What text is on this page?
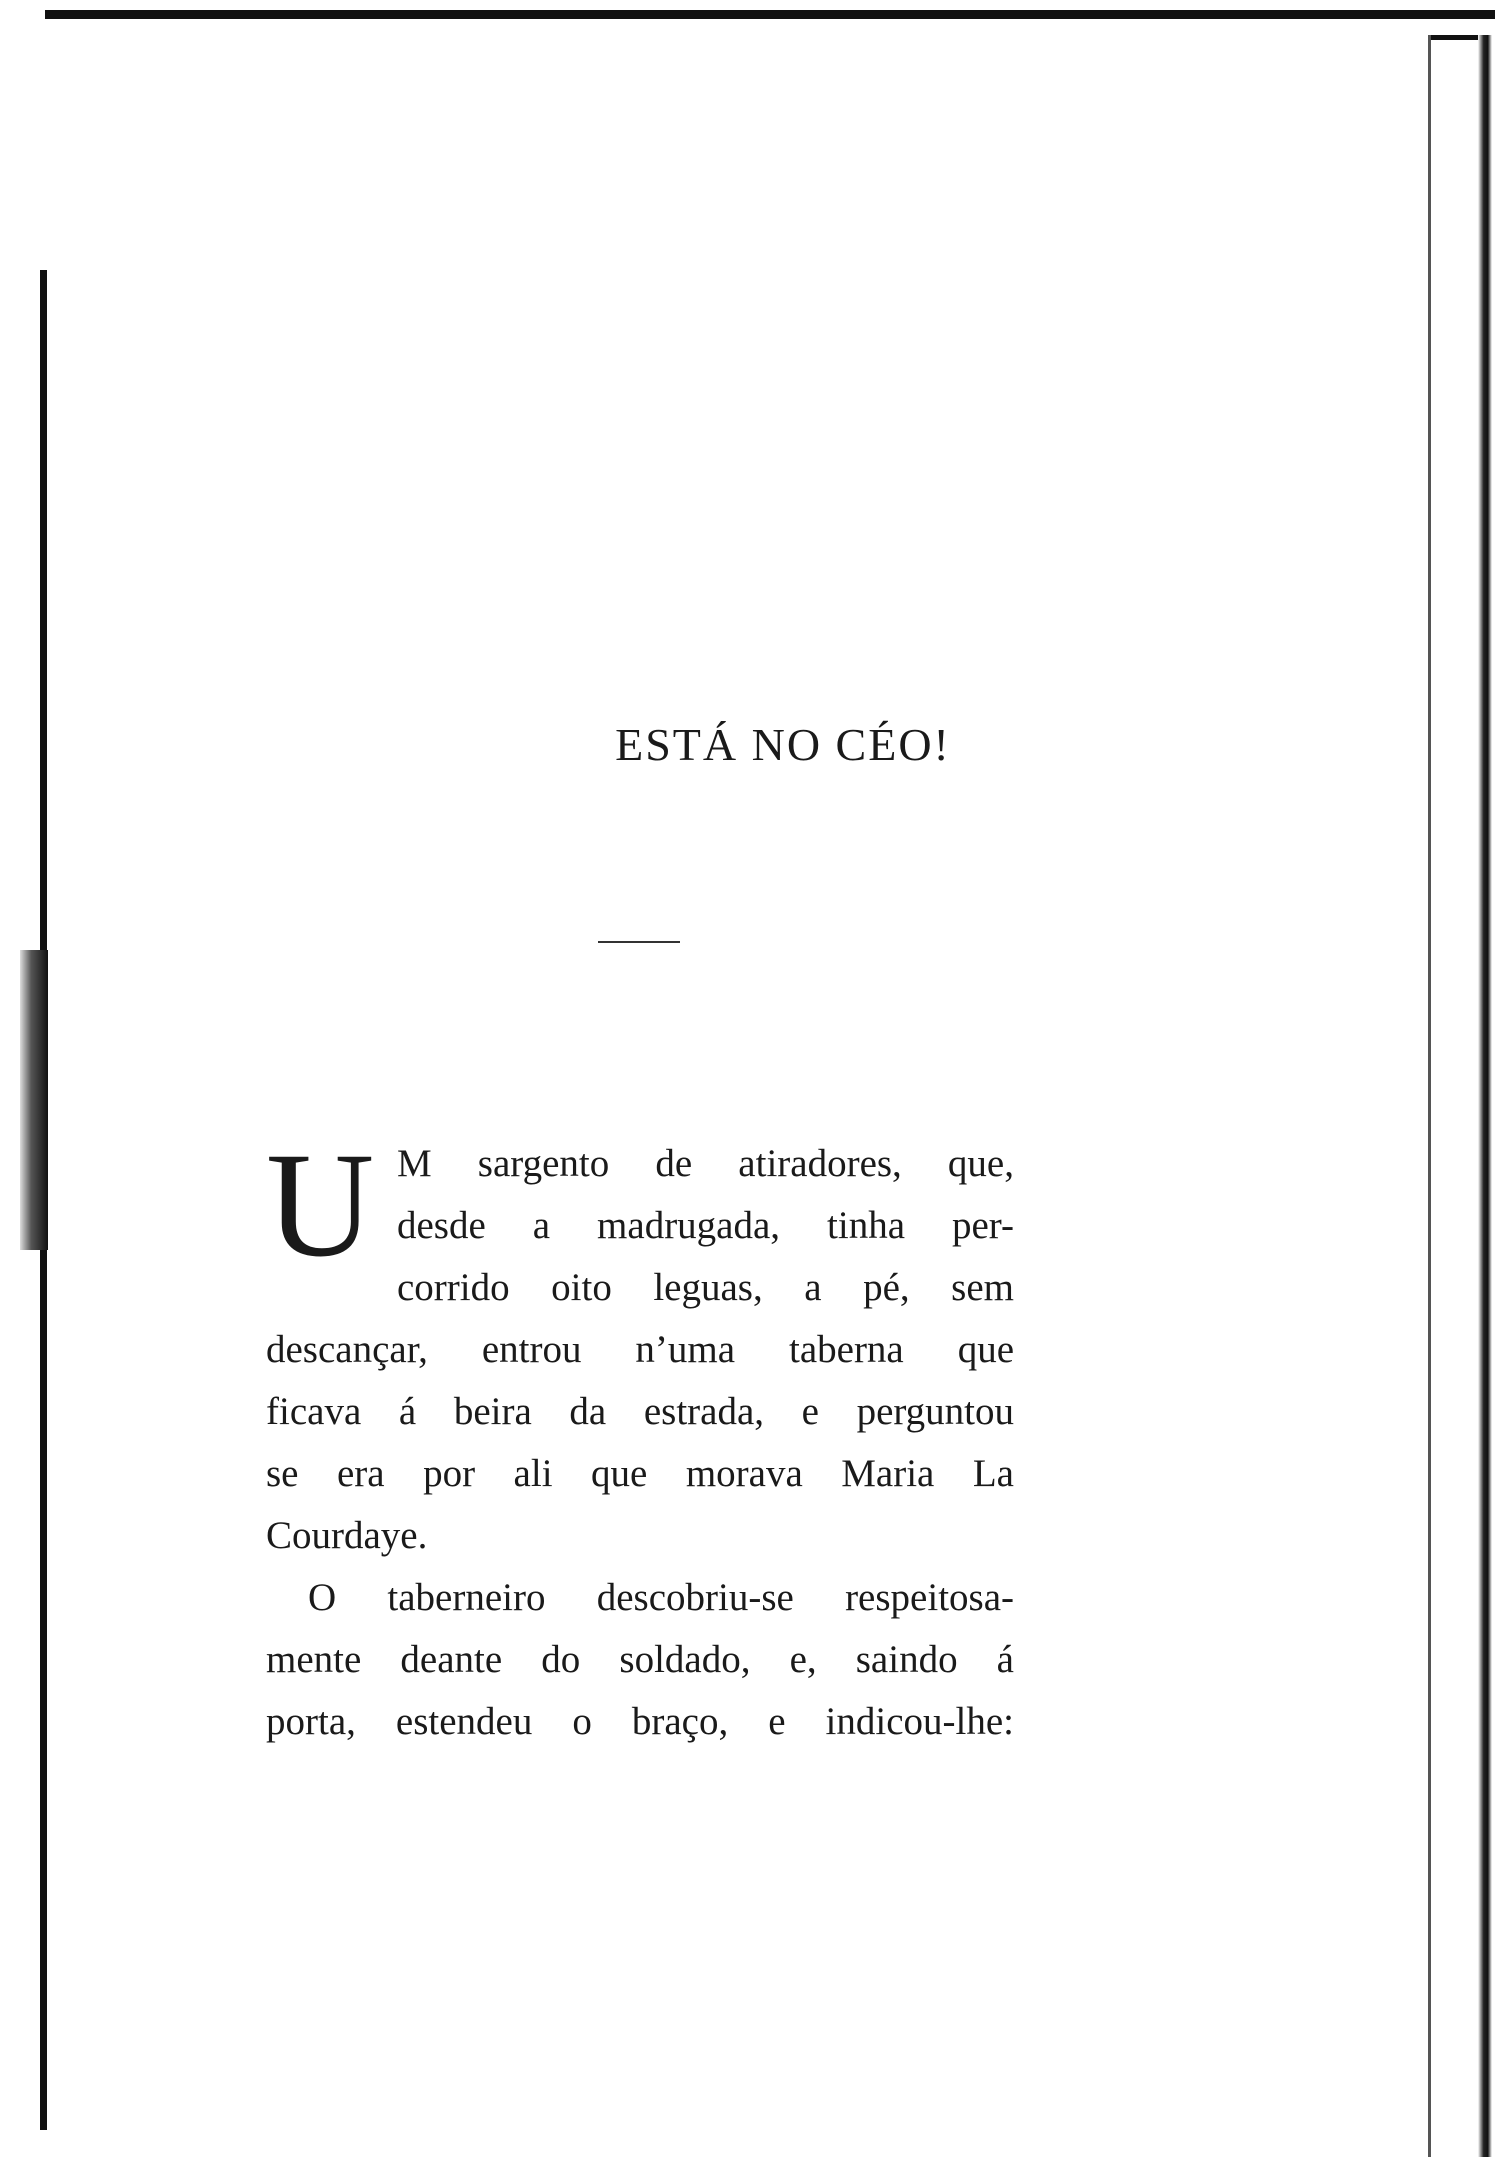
ESTÁ NO CÉO!
U M sargento de atiradores, que,
desde a madrugada, tinha per-
corrido oito leguas, a pé, sem
descançar, entrou n’uma taberna que
ficava á beira da estrada, e perguntou
se era por ali que morava Maria La
Courdaye.
O taberneiro descobriu-se respeitosa-
mente deante do soldado, e, saindo á
porta, estendeu o braço, e indicou-lhe:
